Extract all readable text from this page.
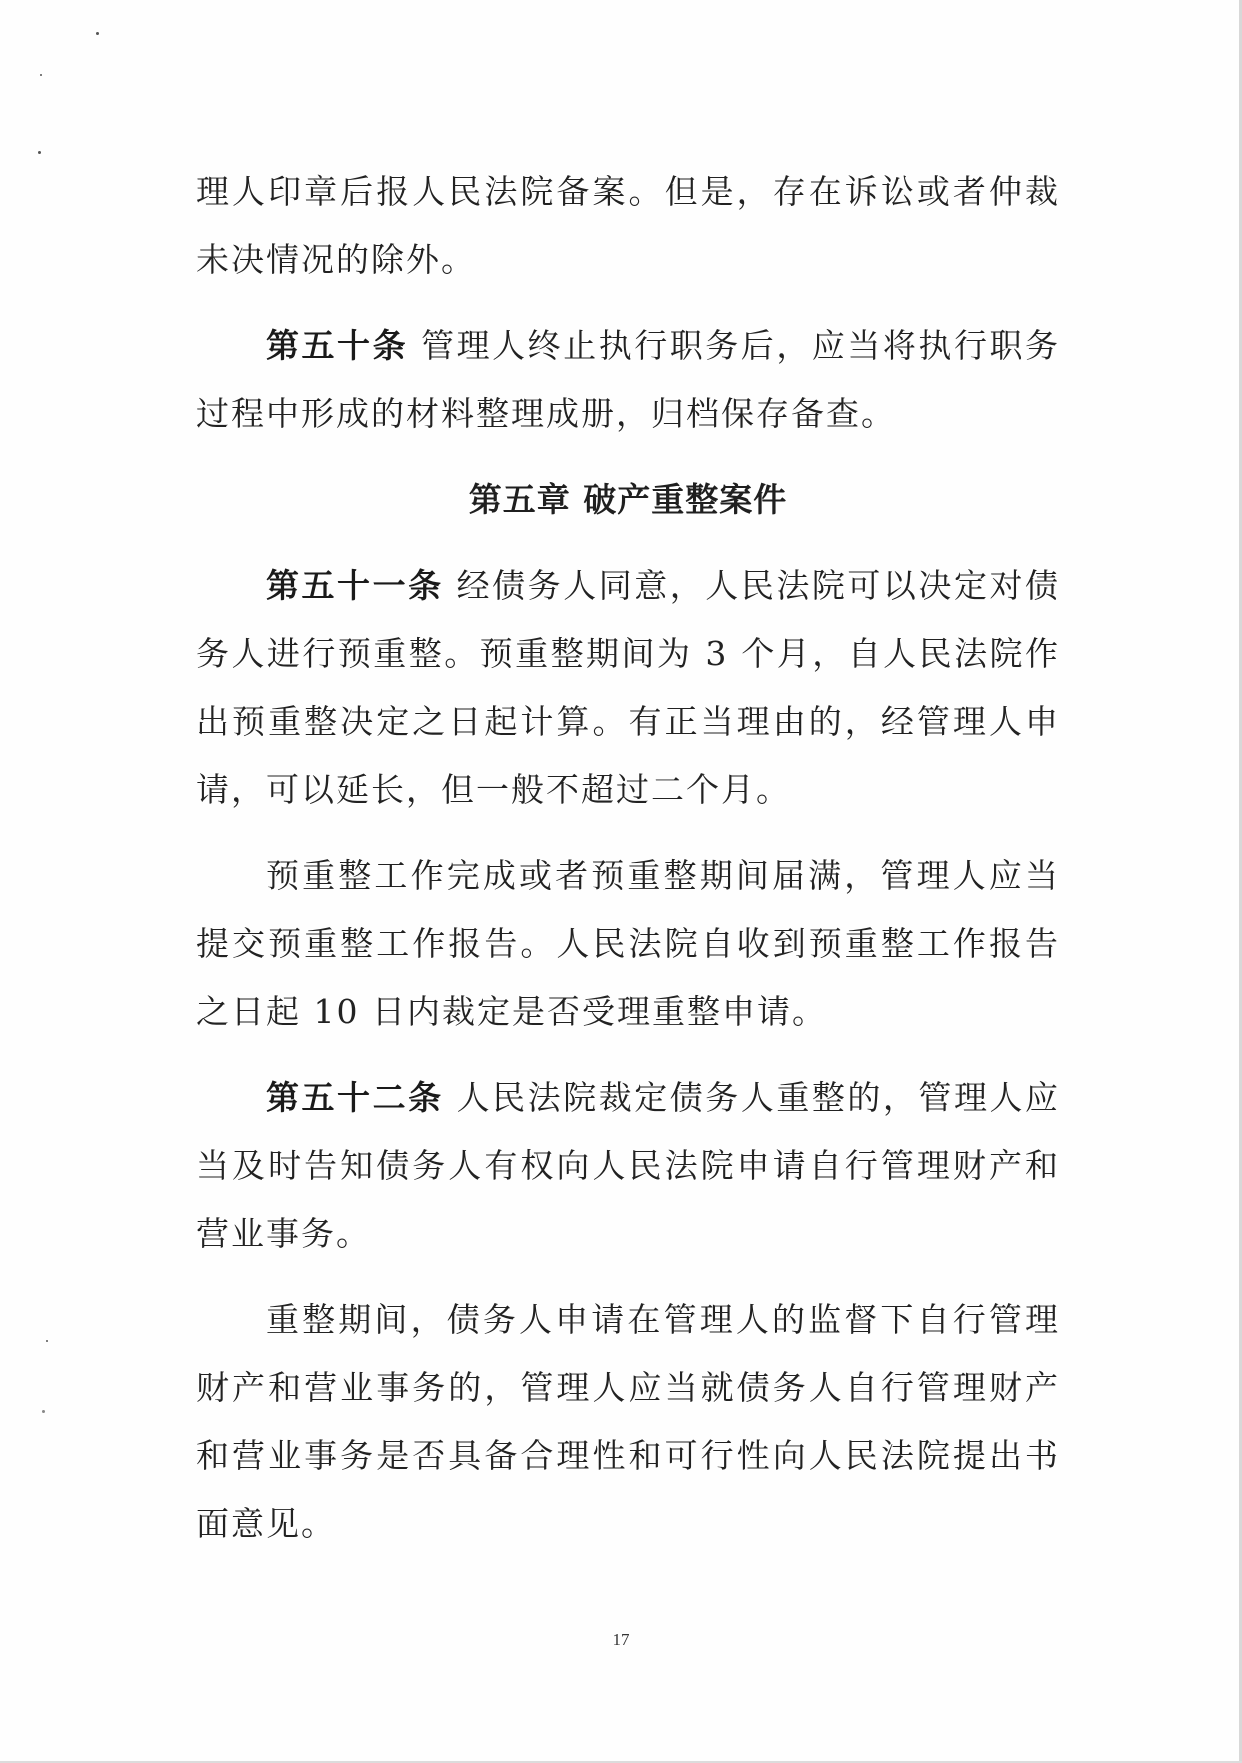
理人印章后报人民法院备案。但是，存在诉讼或者仲裁未决情况的除外。

第五十条 管理人终止执行职务后，应当将执行职务过程中形成的材料整理成册，归档保存备查。

第五章 破产重整案件

第五十一条 经债务人同意，人民法院可以决定对债务人进行预重整。预重整期间为 3 个月，自人民法院作出预重整决定之日起计算。有正当理由的，经管理人申请，可以延长，但一般不超过二个月。

预重整工作完成或者预重整期间届满，管理人应当提交预重整工作报告。人民法院自收到预重整工作报告之日起 10 日内裁定是否受理重整申请。

第五十二条 人民法院裁定债务人重整的，管理人应当及时告知债务人有权向人民法院申请自行管理财产和营业事务。

重整期间，债务人申请在管理人的监督下自行管理财产和营业事务的，管理人应当就债务人自行管理财产和营业事务是否具备合理性和可行性向人民法院提出书面意见。

17
